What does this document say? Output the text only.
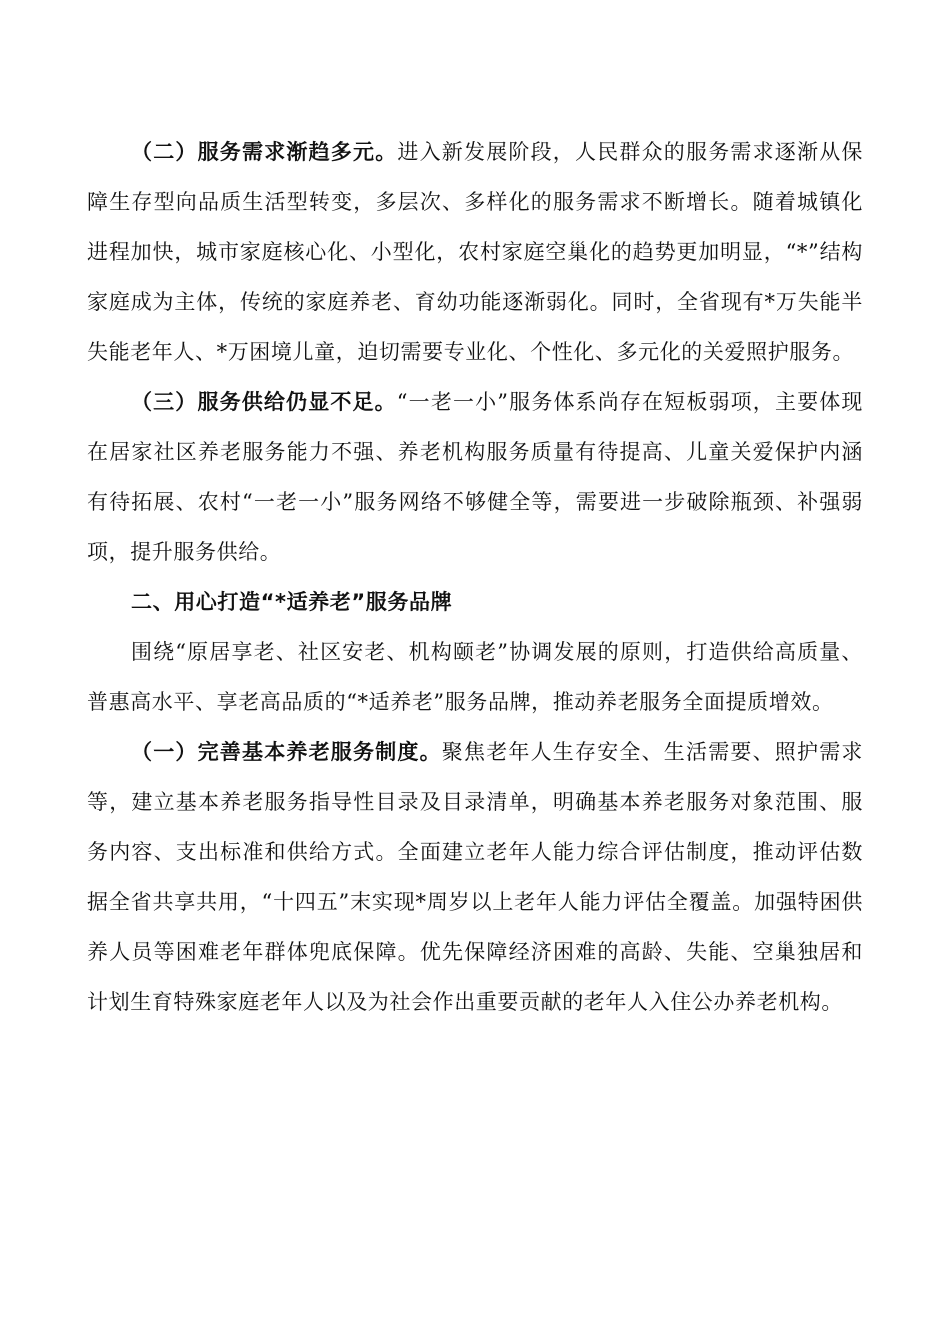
（二）服务需求渐趋多元。进入新发展阶段，人民群众的服务需求逐渐从保障生存型向品质生活型转变，多层次、多样化的服务需求不断增长。随着城镇化进程加快，城市家庭核心化、小型化，农村家庭空巢化的趋势更加明显，“*”结构家庭成为主体，传统的家庭养老、育幼功能逐渐弱化。同时，全省现有*万失能半失能老年人、*万困境儿童，迫切需要专业化、个性化、多元化的关爱照护服务。

（三）服务供给仍显不足。“一老一小”服务体系尚存在短板弱项，主要体现在居家社区养老服务能力不强、养老机构服务质量有待提高、儿童关爱保护内涵有待拓展、农村“一老一小”服务网络不够健全等，需要进一步破除瓶颈、补强弱项，提升服务供给。

二、用心打造“*适养老”服务品牌

围绕“原居享老、社区安老、机构颐老”协调发展的原则，打造供给高质量、普惠高水平、享老高品质的“*适养老”服务品牌，推动养老服务全面提质增效。

（一）完善基本养老服务制度。聚焦老年人生存安全、生活需要、照护需求等，建立基本养老服务指导性目录及目录清单，明确基本养老服务对象范围、服务内容、支出标准和供给方式。全面建立老年人能力综合评估制度，推动评估数据全省共享共用，“十四五”末实现*周岁以上老年人能力评估全覆盖。加强特困供养人员等困难老年群体兜底保障。优先保障经济困难的高龄、失能、空巢独居和计划生育特殊家庭老年人以及为社会作出重要贡献的老年人入住公办养老机构。
